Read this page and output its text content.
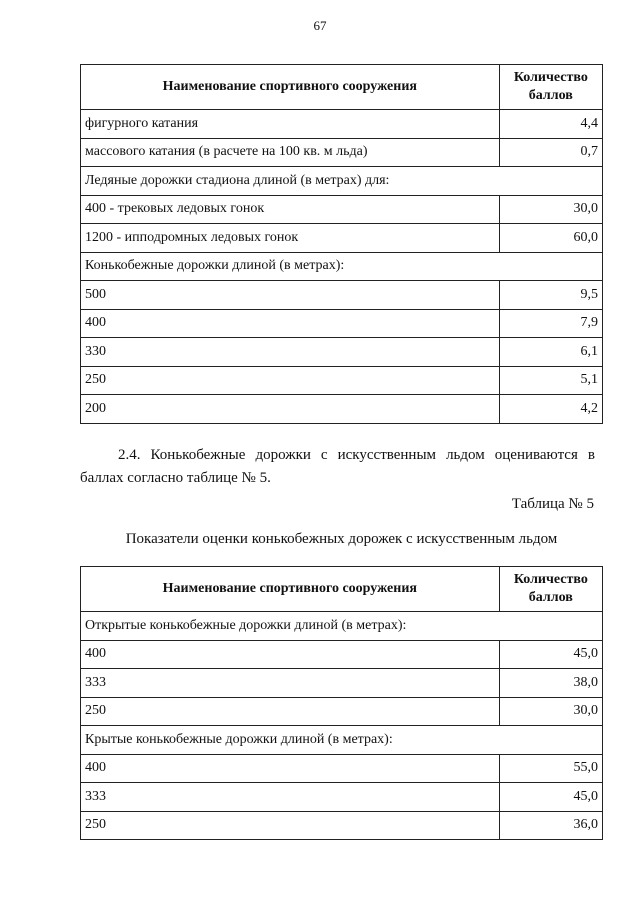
67
Наименование спортивного сооружения	Количество баллов
фигурного катания	4,4
массового катания (в расчете на 100 кв. м льда)	0,7
Ледяные дорожки стадиона длиной (в метрах) для:	
400 - трековых ледовых гонок	30,0
1200 - ипподромных ледовых гонок	60,0
Конькобежные дорожки длиной (в метрах):	
500	9,5
400	7,9
330	6,1
250	5,1
200	4,2

2.4. Конькобежные дорожки с искусственным льдом оцениваются в баллах согласно таблице № 5.

Таблица № 5
Показатели оценки конькобежных дорожек с искусственным льдом
Наименование спортивного сооружения	Количество баллов
Открытые конькобежные дорожки длиной (в метрах):	
400	45,0
333	38,0
250	30,0
Крытые конькобежные дорожки длиной (в метрах):	
400	55,0
333	45,0
250	36,0
